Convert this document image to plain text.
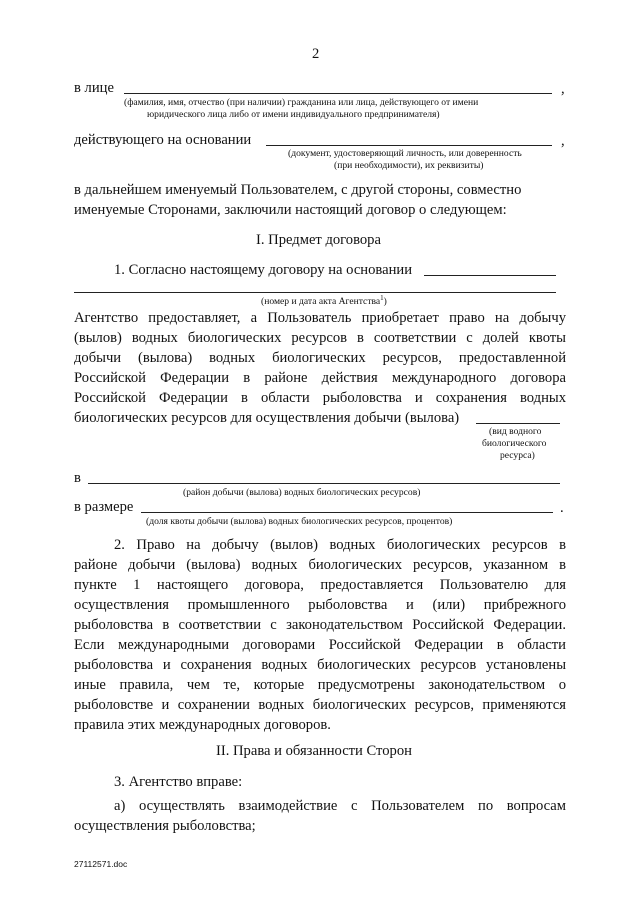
2
в лице	,
(фамилия, имя, отчество (при наличии) гражданина или лица, действующего от имени
юридического лица либо от имени индивидуального предпринимателя)
действующего на основании	,
(документ, удостоверяющий личность, или доверенность
(при необходимости), их реквизиты)
в дальнейшем именуемый Пользователем, с другой стороны, совместно
именуемые Сторонами, заключили настоящий договор о следующем:
I. Предмет договора
1. Согласно настоящему договору на основании
(номер и дата акта Агентства$^1$)
Агентство предоставляет, а Пользователь приобретает право на добычу
(вылов) водных биологических ресурсов в соответствии с долей квоты
добычи (вылова) водных биологических ресурсов, предоставленной
Российской Федерации в районе действия международного договора
Российской Федерации в области рыболовства и сохранения водных
биологических ресурсов для осуществления добычи (вылова)
(вид водного
биологического
ресурса)
в
(район добычи (вылова) водных биологических ресурсов)
в размере	.
(доля квоты добычи (вылова) водных биологических ресурсов, процентов)
2. Право на добычу (вылов) водных биологических ресурсов в
районе добычи (вылова) водных биологических ресурсов, указанном в
пункте 1 настоящего договора, предоставляется Пользователю для
осуществления промышленного рыболовства и (или) прибрежного
рыболовства в соответствии с законодательством Российской Федерации.
Если международными договорами Российской Федерации в области
рыболовства и сохранения водных биологических ресурсов установлены
иные правила, чем те, которые предусмотрены законодательством о
рыболовстве и сохранении водных биологических ресурсов, применяются
правила этих международных договоров.
II. Права и обязанности Сторон
3. Агентство вправе:
а) осуществлять взаимодействие с Пользователем по вопросам
осуществления рыболовства;
27112571.doc
